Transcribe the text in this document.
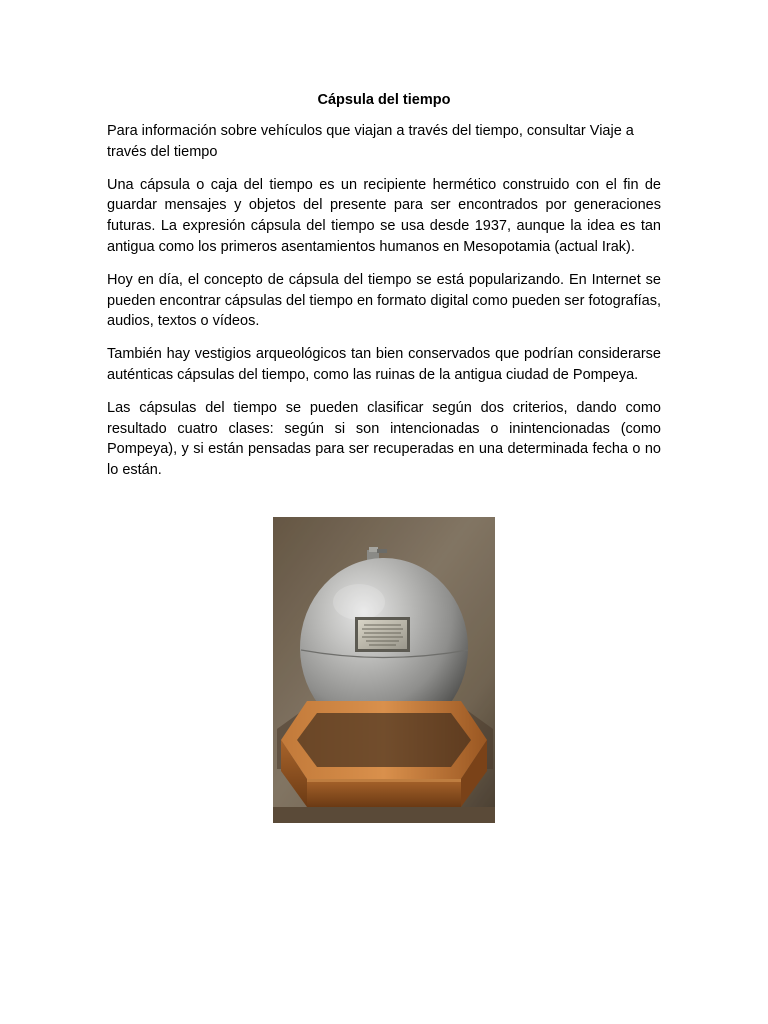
Cápsula del tiempo

Para información sobre vehículos que viajan a través del tiempo, consultar Viaje a través del tiempo

Una cápsula o caja del tiempo es un recipiente hermético construido con el fin de guardar mensajes y objetos del presente para ser encontrados por generaciones futuras. La expresión cápsula del tiempo se usa desde 1937, aunque la idea es tan antigua como los primeros asentamientos humanos en Mesopotamia (actual Irak).

Hoy en día, el concepto de cápsula del tiempo se está popularizando. En Internet se pueden encontrar cápsulas del tiempo en formato digital como pueden ser fotografías, audios, textos o vídeos.

También hay vestigios arqueológicos tan bien conservados que podrían considerarse auténticas cápsulas del tiempo, como las ruinas de la antigua ciudad de Pompeya.

Las cápsulas del tiempo se pueden clasificar según dos criterios, dando como resultado cuatro clases: según si son intencionadas o inintencionadas (como Pompeya), y si están pensadas para ser recuperadas en una determinada fecha o no lo están.
